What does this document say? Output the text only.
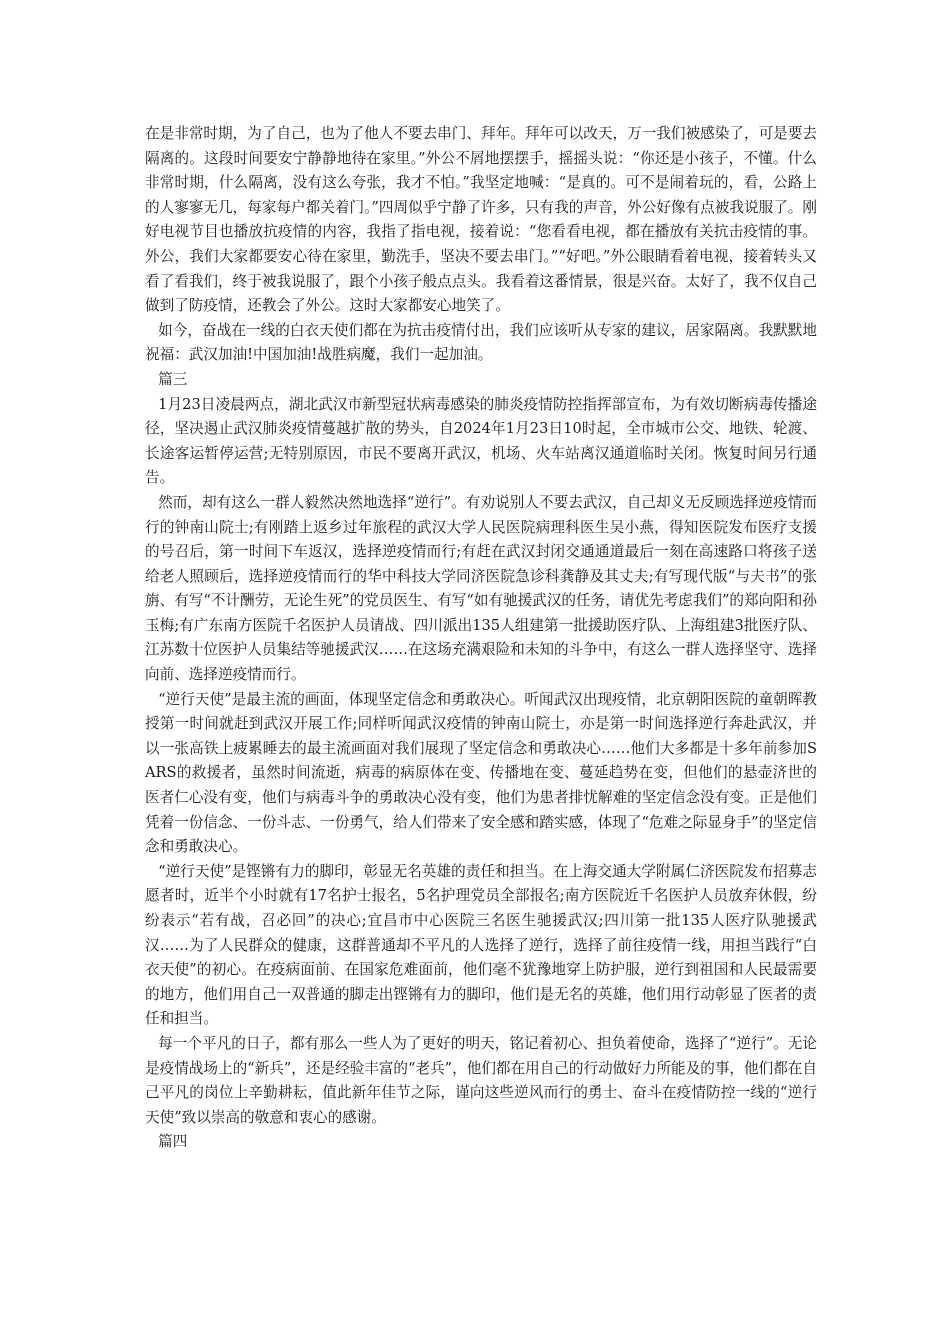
在是非常时期，为了自己，也为了他人不要去串门、拜年。拜年可以改天，万一我们被感染了，可是要去隔离的。这段时间要安宁静静地待在家里。”外公不屑地摆摆手，摇摇头说：“你还是小孩子，不懂。什么非常时期，什么隔离，没有这么夸张，我才不怕。”我坚定地喊：“是真的。可不是闹着玩的，看，公路上的人寥寥无几，每家每户都关着门。”四周似乎宁静了许多，只有我的声音，外公好像有点被我说服了。刚好电视节目也播放抗疫情的内容，我指了指电视，接着说：“您看看电视，都在播放有关抗击疫情的事。外公，我们大家都要安心待在家里，勤洗手，坚决不要去串门。”“好吧。”外公眼睛看着电视，接着转头又看了看我们，终于被我说服了，跟个小孩子般点点头。我看着这番情景，很是兴奋。太好了，我不仅自己做到了防疫情，还教会了外公。这时大家都安心地笑了。

如今，奋战在一线的白衣天使们都在为抗击疫情付出，我们应该听从专家的建议，居家隔离。我默默地祝福：武汉加油!中国加油!战胜病魔，我们一起加油。

篇三

1月23日凌晨两点，湖北武汉市新型冠状病毒感染的肺炎疫情防控指挥部宣布，为有效切断病毒传播途径，坚决遏止武汉肺炎疫情蔓越扩散的势头，自2024年1月23日10时起，全市城市公交、地铁、轮渡、长途客运暂停运营;无特别原因，市民不要离开武汉，机场、火车站离汉通道临时关闭。恢复时间另行通告。

然而，却有这么一群人毅然决然地选择“逆行”。有劝说别人不要去武汉，自己却义无反顾选择逆疫情而行的钟南山院士;有刚踏上返乡过年旅程的武汉大学人民医院病理科医生吴小燕，得知医院发布医疗支援的号召后，第一时间下车返汉，选择逆疫情而行;有赶在武汉封闭交通通道最后一刻在高速路口将孩子送给老人照顾后，选择逆疫情而行的华中科技大学同济医院急诊科龚静及其丈夫;有写现代版“与夫书”的张旃、有写“不计酬劳，无论生死”的党员医生、有写“如有驰援武汉的任务，请优先考虑我们”的郑向阳和孙玉梅;有广东南方医院千名医护人员请战、四川派出135人组建第一批援助医疗队、上海组建3批医疗队、江苏数十位医护人员集结等驰援武汉……在这场充满艰险和未知的斗争中，有这么一群人选择坚守、选择向前、选择逆疫情而行。

“逆行天使”是最主流的画面，体现坚定信念和勇敢决心。听闻武汉出现疫情，北京朝阳医院的童朝晖教授第一时间就赶到武汉开展工作;同样听闻武汉疫情的钟南山院士，亦是第一时间选择逆行奔赴武汉，并以一张高铁上疲累睡去的最主流画面对我们展现了坚定信念和勇敢决心……他们大多都是十多年前参加SARS的救援者，虽然时间流逝，病毒的病原体在变、传播地在变、蔓延趋势在变，但他们的悬壶济世的医者仁心没有变，他们与病毒斗争的勇敢决心没有变，他们为患者排忧解难的坚定信念没有变。正是他们凭着一份信念、一份斗志、一份勇气，给人们带来了安全感和踏实感，体现了“危难之际显身手”的坚定信念和勇敢决心。

“逆行天使”是铿锵有力的脚印，彰显无名英雄的责任和担当。在上海交通大学附属仁济医院发布招募志愿者时，近半个小时就有17名护士报名，5名护理党员全部报名;南方医院近千名医护人员放弃休假，纷纷表示“若有战，召必回”的决心;宜昌市中心医院三名医生驰援武汉;四川第一批135人医疗队驰援武汉……为了人民群众的健康，这群普通却不平凡的人选择了逆行，选择了前往疫情一线，用担当践行“白衣天使”的初心。在疫病面前、在国家危难面前，他们毫不犹豫地穿上防护服，逆行到祖国和人民最需要的地方，他们用自己一双普通的脚走出铿锵有力的脚印，他们是无名的英雄，他们用行动彰显了医者的责任和担当。

每一个平凡的日子，都有那么一些人为了更好的明天，铭记着初心、担负着使命，选择了“逆行”。无论是疫情战场上的“新兵”，还是经验丰富的“老兵”，他们都在用自己的行动做好力所能及的事，他们都在自己平凡的岗位上辛勤耕耘，值此新年佳节之际，谨向这些逆风而行的勇士、奋斗在疫情防控一线的“逆行天使”致以崇高的敬意和衷心的感谢。

篇四
